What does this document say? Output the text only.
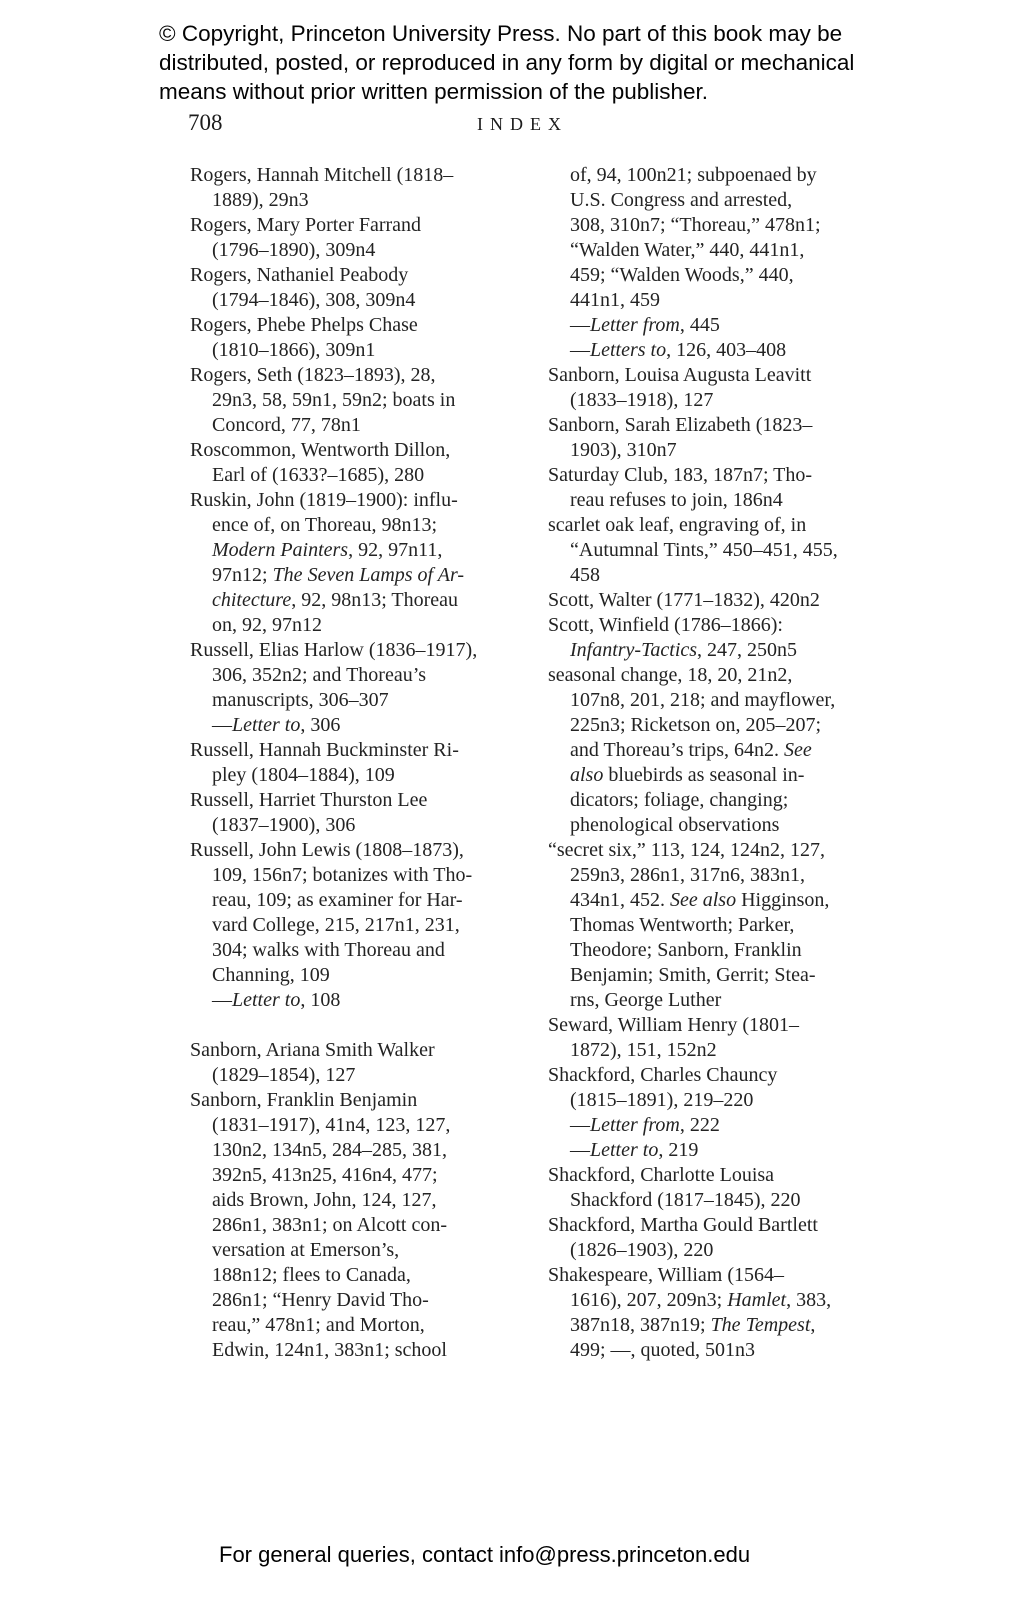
© Copyright, Princeton University Press. No part of this book may be
distributed, posted, or reproduced in any form by digital or mechanical
means without prior written permission of the publisher.
708	INDEX
Rogers, Hannah Mitchell (1818–
1889), 29n3
Rogers, Mary Porter Farrand
(1796–1890), 309n4
Rogers, Nathaniel Peabody
(1794–1846), 308, 309n4
Rogers, Phebe Phelps Chase
(1810–1866), 309n1
Rogers, Seth (1823–1893), 28,
29n3, 58, 59n1, 59n2; boats in
Concord, 77, 78n1
Roscommon, Wentworth Dillon,
Earl of (1633?–1685), 280
Ruskin, John (1819–1900): influ-
ence of, on Thoreau, 98n13;
Modern Painters, 92, 97n11,
97n12; The Seven Lamps of Ar-
chitecture, 92, 98n13; Thoreau
on, 92, 97n12
Russell, Elias Harlow (1836–1917),
306, 352n2; and Thoreau’s
manuscripts, 306–307
—Letter to, 306
Russell, Hannah Buckminster Ri-
pley (1804–1884), 109
Russell, Harriet Thurston Lee
(1837–1900), 306
Russell, John Lewis (1808–1873),
109, 156n7; botanizes with Tho-
reau, 109; as examiner for Har-
vard College, 215, 217n1, 231,
304; walks with Thoreau and
Channing, 109
—Letter to, 108
Sanborn, Ariana Smith Walker
(1829–1854), 127
Sanborn, Franklin Benjamin
(1831–1917), 41n4, 123, 127,
130n2, 134n5, 284–285, 381,
392n5, 413n25, 416n4, 477;
aids Brown, John, 124, 127,
286n1, 383n1; on Alcott con-
versation at Emerson’s,
188n12; flees to Canada,
286n1; “Henry David Tho-
reau,” 478n1; and Morton,
Edwin, 124n1, 383n1; school
of, 94, 100n21; subpoenaed by
U.S. Congress and arrested,
308, 310n7; “Thoreau,” 478n1;
“Walden Water,” 440, 441n1,
459; “Walden Woods,” 440,
441n1, 459
—Letter from, 445
—Letters to, 126, 403–408
Sanborn, Louisa Augusta Leavitt
(1833–1918), 127
Sanborn, Sarah Elizabeth (1823–
1903), 310n7
Saturday Club, 183, 187n7; Tho-
reau refuses to join, 186n4
scarlet oak leaf, engraving of, in
“Autumnal Tints,” 450–451, 455,
458
Scott, Walter (1771–1832), 420n2
Scott, Winfield (1786–1866):
Infantry-Tactics, 247, 250n5
seasonal change, 18, 20, 21n2,
107n8, 201, 218; and mayflower,
225n3; Ricketson on, 205–207;
and Thoreau’s trips, 64n2. See
also bluebirds as seasonal in-
dicators; foliage, changing;
phenological observations
“secret six,” 113, 124, 124n2, 127,
259n3, 286n1, 317n6, 383n1,
434n1, 452. See also Higginson,
Thomas Wentworth; Parker,
Theodore; Sanborn, Franklin
Benjamin; Smith, Gerrit; Stea-
rns, George Luther
Seward, William Henry (1801–
1872), 151, 152n2
Shackford, Charles Chauncy
(1815–1891), 219–220
—Letter from, 222
—Letter to, 219
Shackford, Charlotte Louisa
Shackford (1817–1845), 220
Shackford, Martha Gould Bartlett
(1826–1903), 220
Shakespeare, William (1564–
1616), 207, 209n3; Hamlet, 383,
387n18, 387n19; The Tempest,
499; —, quoted, 501n3
For general queries, contact info@press.princeton.edu
